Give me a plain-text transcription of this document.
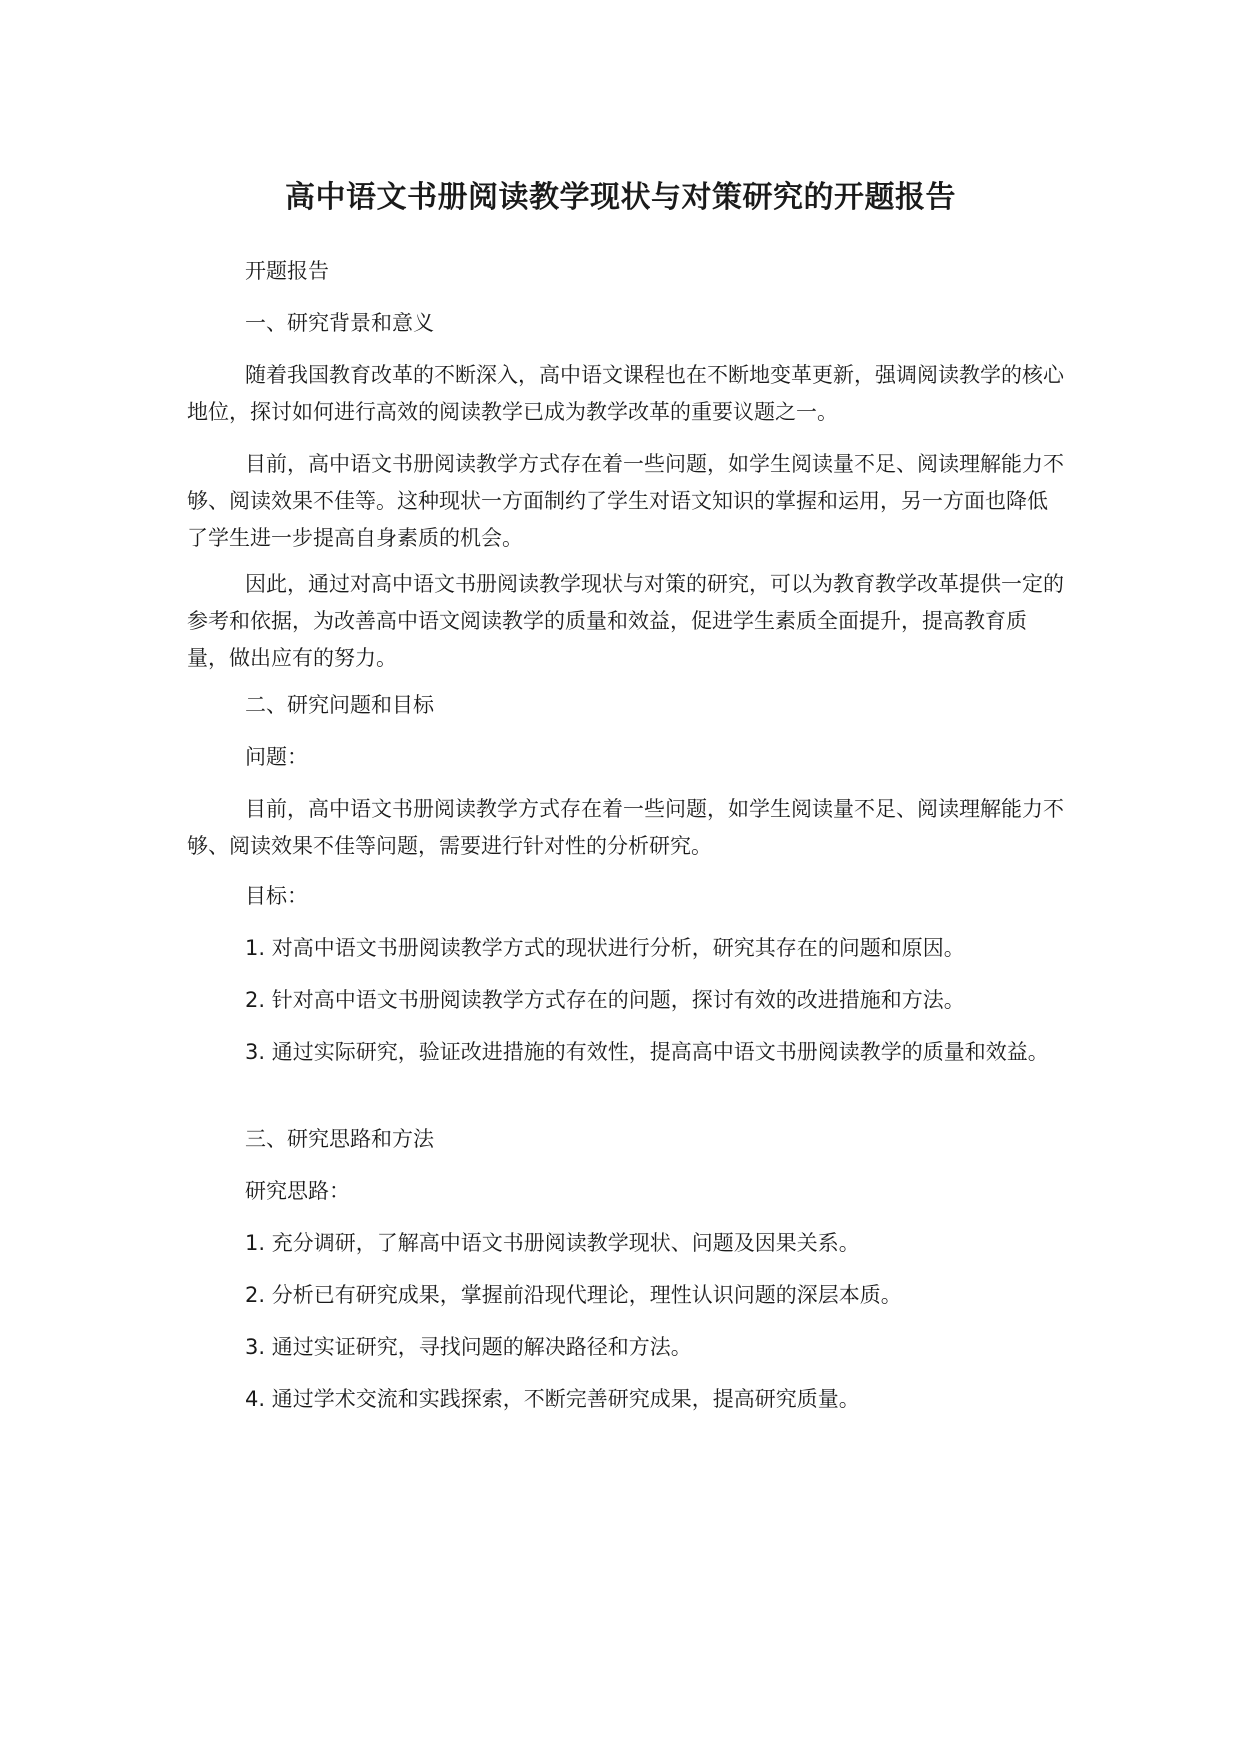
高中语文书册阅读教学现状与对策研究的开题报告

开题报告

一、研究背景和意义

随着我国教育改革的不断深入，高中语文课程也在不断地变革更新，强调阅读教学的核心地位，探讨如何进行高效的阅读教学已成为教学改革的重要议题之一。

目前，高中语文书册阅读教学方式存在着一些问题，如学生阅读量不足、阅读理解能力不够、阅读效果不佳等。这种现状一方面制约了学生对语文知识的掌握和运用，另一方面也降低了学生进一步提高自身素质的机会。

因此，通过对高中语文书册阅读教学现状与对策的研究，可以为教育教学改革提供一定的参考和依据，为改善高中语文阅读教学的质量和效益，促进学生素质全面提升，提高教育质量，做出应有的努力。

二、研究问题和目标

问题：

目前，高中语文书册阅读教学方式存在着一些问题，如学生阅读量不足、阅读理解能力不够、阅读效果不佳等问题，需要进行针对性的分析研究。

目标：

1. 对高中语文书册阅读教学方式的现状进行分析，研究其存在的问题和原因。

2. 针对高中语文书册阅读教学方式存在的问题，探讨有效的改进措施和方法。

3. 通过实际研究，验证改进措施的有效性，提高高中语文书册阅读教学的质量和效益。

三、研究思路和方法

研究思路：

1. 充分调研，了解高中语文书册阅读教学现状、问题及因果关系。

2. 分析已有研究成果，掌握前沿现代理论，理性认识问题的深层本质。

3. 通过实证研究，寻找问题的解决路径和方法。

4. 通过学术交流和实践探索，不断完善研究成果，提高研究质量。
